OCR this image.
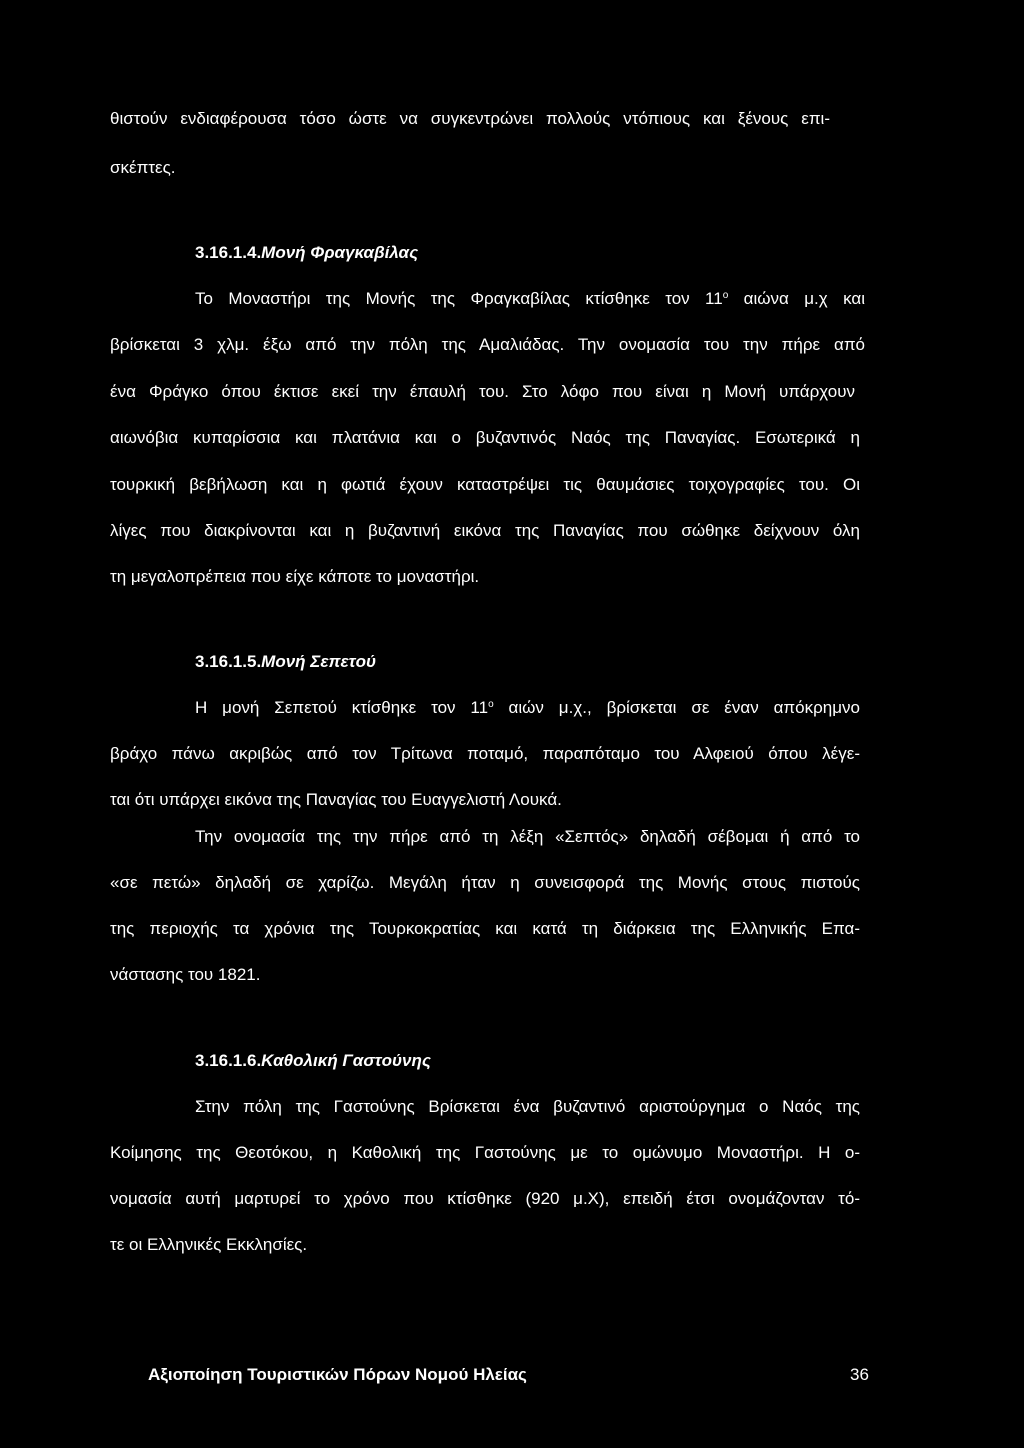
θιστούν ενδιαφέρουσα τόσο ώστε να συγκεντρώνει πολλούς ντόπιους και ξένους επι-
σκέπτες.
3.16.1.4.Μονή Φραγκαβίλας
Το Μοναστήρι της Μονής της Φραγκαβίλας κτίσθηκε τον $11^o$ αιώνα μ.χ και
βρίσκεται 3 χλμ. έξω από την πόλη της Αμαλιάδας. Την ονομασία του την πήρε από
ένα Φράγκο όπου έκτισε εκεί την έπαυλή του. Στο λόφο που είναι η Μονή υπάρχουν
αιωνόβια κυπαρίσσια και πλατάνια και ο βυζαντινός Ναός της Παναγίας. Εσωτερικά η
τουρκική βεβήλωση και η φωτιά έχουν καταστρέψει τις θαυμάσιες τοιχογραφίες του. Οι
λίγες που διακρίνονται και η βυζαντινή εικόνα της Παναγίας που σώθηκε δείχνουν όλη
τη μεγαλοπρέπεια που είχε κάποτε το μοναστήρι.
3.16.1.5.Μονή Σεπετού
Η μονή Σεπετού κτίσθηκε τον $11^o$ αιών μ.χ., βρίσκεται σε έναν απόκρημνο
βράχο πάνω ακριβώς από τον Τρίτωνα ποταμό, παραπόταμο του Αλφειού όπου λέγε-
ται ότι υπάρχει εικόνα της Παναγίας του Ευαγγελιστή Λουκά.
Την ονομασία της την πήρε από τη λέξη «Σεπτός» δηλαδή σέβομαι ή από το
«σε πετώ» δηλαδή σε χαρίζω. Μεγάλη ήταν η συνεισφορά της Μονής στους πιστούς
της περιοχής τα χρόνια της Τουρκοκρατίας και κατά τη διάρκεια της Ελληνικής Επα-
νάστασης του 1821.
3.16.1.6.Καθολική Γαστούνης
Στην πόλη της Γαστούνης Βρίσκεται ένα βυζαντινό αριστούργημα ο Ναός της
Κοίμησης της Θεοτόκου, η Καθολική της Γαστούνης με το ομώνυμο Μοναστήρι. Η ο-
νομασία αυτή μαρτυρεί το χρόνο που κτίσθηκε (920 μ.Χ), επειδή έτσι ονομάζονταν τό-
τε οι Ελληνικές Εκκλησίες.
Αξιοποίηση Τουριστικών Πόρων Νομού Ηλείας	36
